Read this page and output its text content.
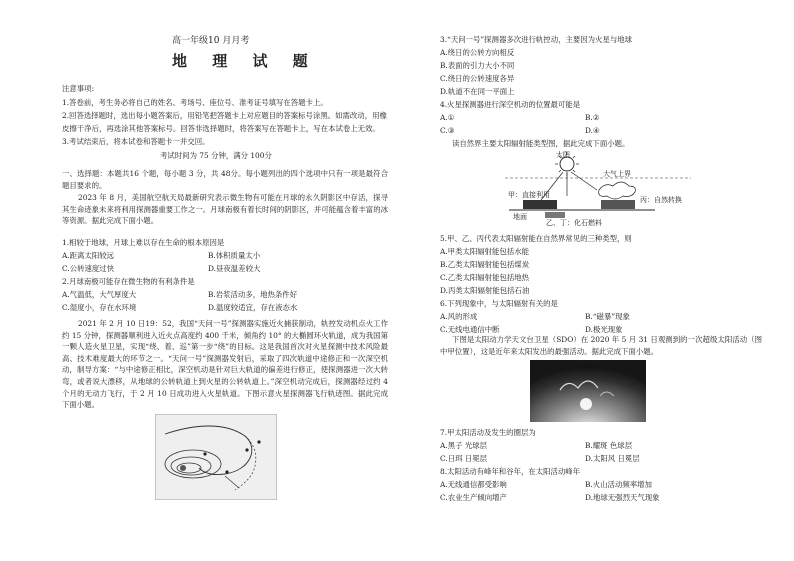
高一年级10 月月考
地 理 试 题
注意事项:
1.答卷前，考生务必将自己的姓名、考场号、座位号、准考证号填写在答题卡上。
2.回答选择题时，选出每小题答案后，用铅笔把答题卡上对应题目的答案标号涂黑。如需改动，用橡
皮擦干净后，再选涂其他答案标号。回答非选择题时，将答案写在答题卡上，写在本试卷上无效。
3.考试结束后，将本试卷和答题卡一并交回。
考试时间为 75 分钟，满分 100分
一、选择题：本题共16 个题，每小题 3 分，共 48分。每小题列出的四个选项中只有一项是最符合题目要求的。
2023 年 8 月，美国航空航天局最新研究表示微生物有可能在月球的永久阴影区中存活，探寻其生命迹象未来将利用探测器重要工作之一。月球南极有着长时间的阴影区，并可能蕴含着丰富的冰等资源。据此完成下面小题。
1.相较于地球，月球上难以存在生命的根本原因是
A.距离太阳较远	B.体积质量太小
C.公转速度过快	D.昼夜温差较大
2.月球南极可能存在微生物的有利条件是
A.气温低，大气厚度大	B.岩浆活动多，地热条件好
C.湿度小，存在水环境	D.温度较适宜，存在液态水
2021 年 2 月 10 日19：52，我国“天问一号”探测器实施近火捕获制动，轨控发动机点火工作约 15 分钟，探测器顺利进入近火点高度约 400 千米，倾角约 10° 的大椭圆环火轨道，成为我国第一颗人造火星卫星，实现“绕、着、巡”第一步“绕”的目标。这是我国首次对火星探测中技术风险最高、技术难度最大的环节之一。“天问一号”探测器发射后，采取了四次轨道中途修正和一次深空机动，制导方案：“与中途修正相比，深空机动是针对巨大轨道的偏差进行修正，使探测器进一次大转弯，或者说大漂移，从地球的公转轨道上到火星的公转轨道上。”深空机动完成后，探测器经过约 4 个月的无动力飞行，于 2 月 10 日成功进入火星轨道。下图示意火星探测器飞行轨迹图。据此完成下面小题。
3.“天问一号”探测器多次进行轨控动，主要因为火星与地球
A.绕日的公转方向相反
B.表面的引力大小不同
C.绕日的公转速度各异
D.轨道不在同一平面上
4.火星探测器进行深空机动的位置最可能是
A.①	B.②
C.③	D.④
读自然界主要太阳辐射能类型图，据此完成下面小题。
大气上界
太阳
甲：直接利用
丙：自然转换
地面
乙、丁：化石燃料
5.甲、乙、丙代表太阳辐射能在自然界常见的三种类型，则
A.甲类太阳辐射能包括水能
B.乙类太阳辐射能包括煤炭
C.乙类太阳辐射能包括地热
D.丙类太阳辐射能包括石油
6.下列现象中，与太阳辐射有关的是
A.风的形成	B.“磁暴”现象
C.无线电通信中断	D.极光现象
下图是太阳动力学天文台卫星（SDO）在 2020 年 5 月 31 日观测到的一次超级太阳活动（图中甲位置），这是近年来太阳发出的最强活动。据此完成下面小题。
7.甲太阳活动及发生的圈层为
A.黑子 光球层	B.耀斑 色球层
C.日珥 日冕层	D.太阳风 日冕层
8.太阳活动有峰年和谷年，在太阳活动峰年
A.无线通信都受影响	B.火山活动频率增加
C.农业生产倾向增产	D.地球无强烈天气现象
